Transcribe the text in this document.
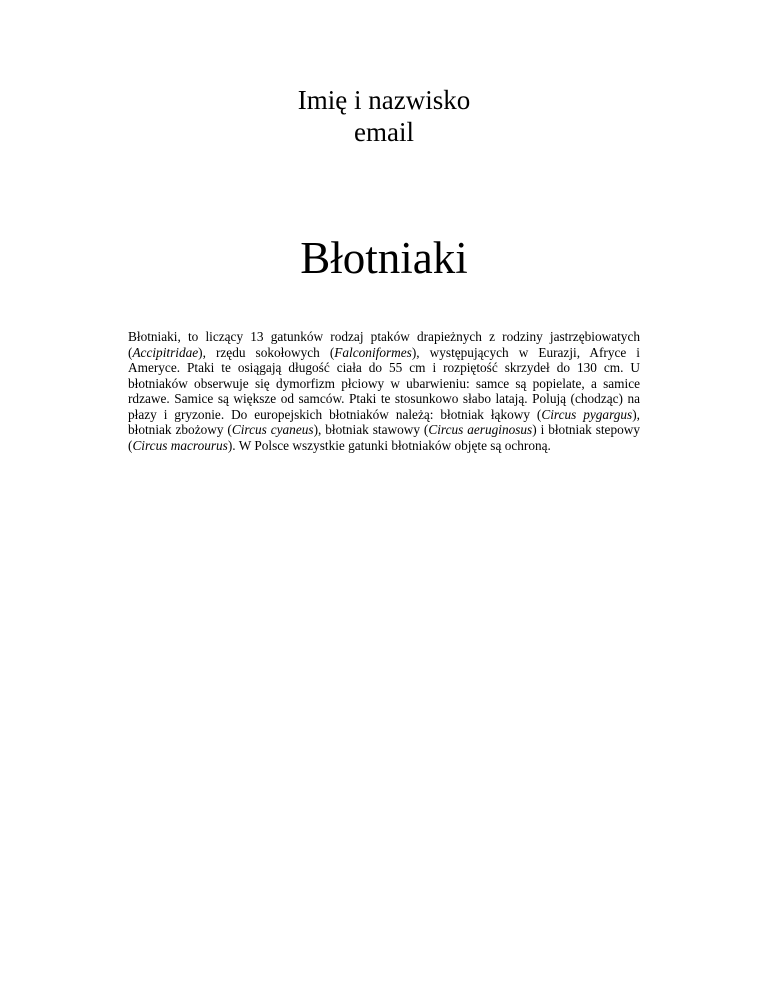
Imię i nazwisko
email
Błotniaki

Błotniaki, to liczący 13 gatunków rodzaj ptaków drapieżnych z rodziny jastrzębiowatych (Accipitridae), rzędu sokołowych (Falconiformes), występujących w Eurazji, Afryce i Ameryce. Ptaki te osiągają długość ciała do 55 cm i rozpiętość skrzydeł do 130 cm. U błotniaków obserwuje się dymorfizm płciowy w ubarwieniu: samce są popielate, a samice rdzawe. Samice są większe od samców. Ptaki te stosunkowo słabo latają. Polują (chodząc) na płazy i gryzonie. Do europejskich błotniaków należą: błotniak łąkowy (Circus pygargus), błotniak zbożowy (Circus cyaneus), błotniak stawowy (Circus aeruginosus) i błotniak stepowy (Circus macrourus). W Polsce wszystkie gatunki błotniaków objęte są ochroną.
